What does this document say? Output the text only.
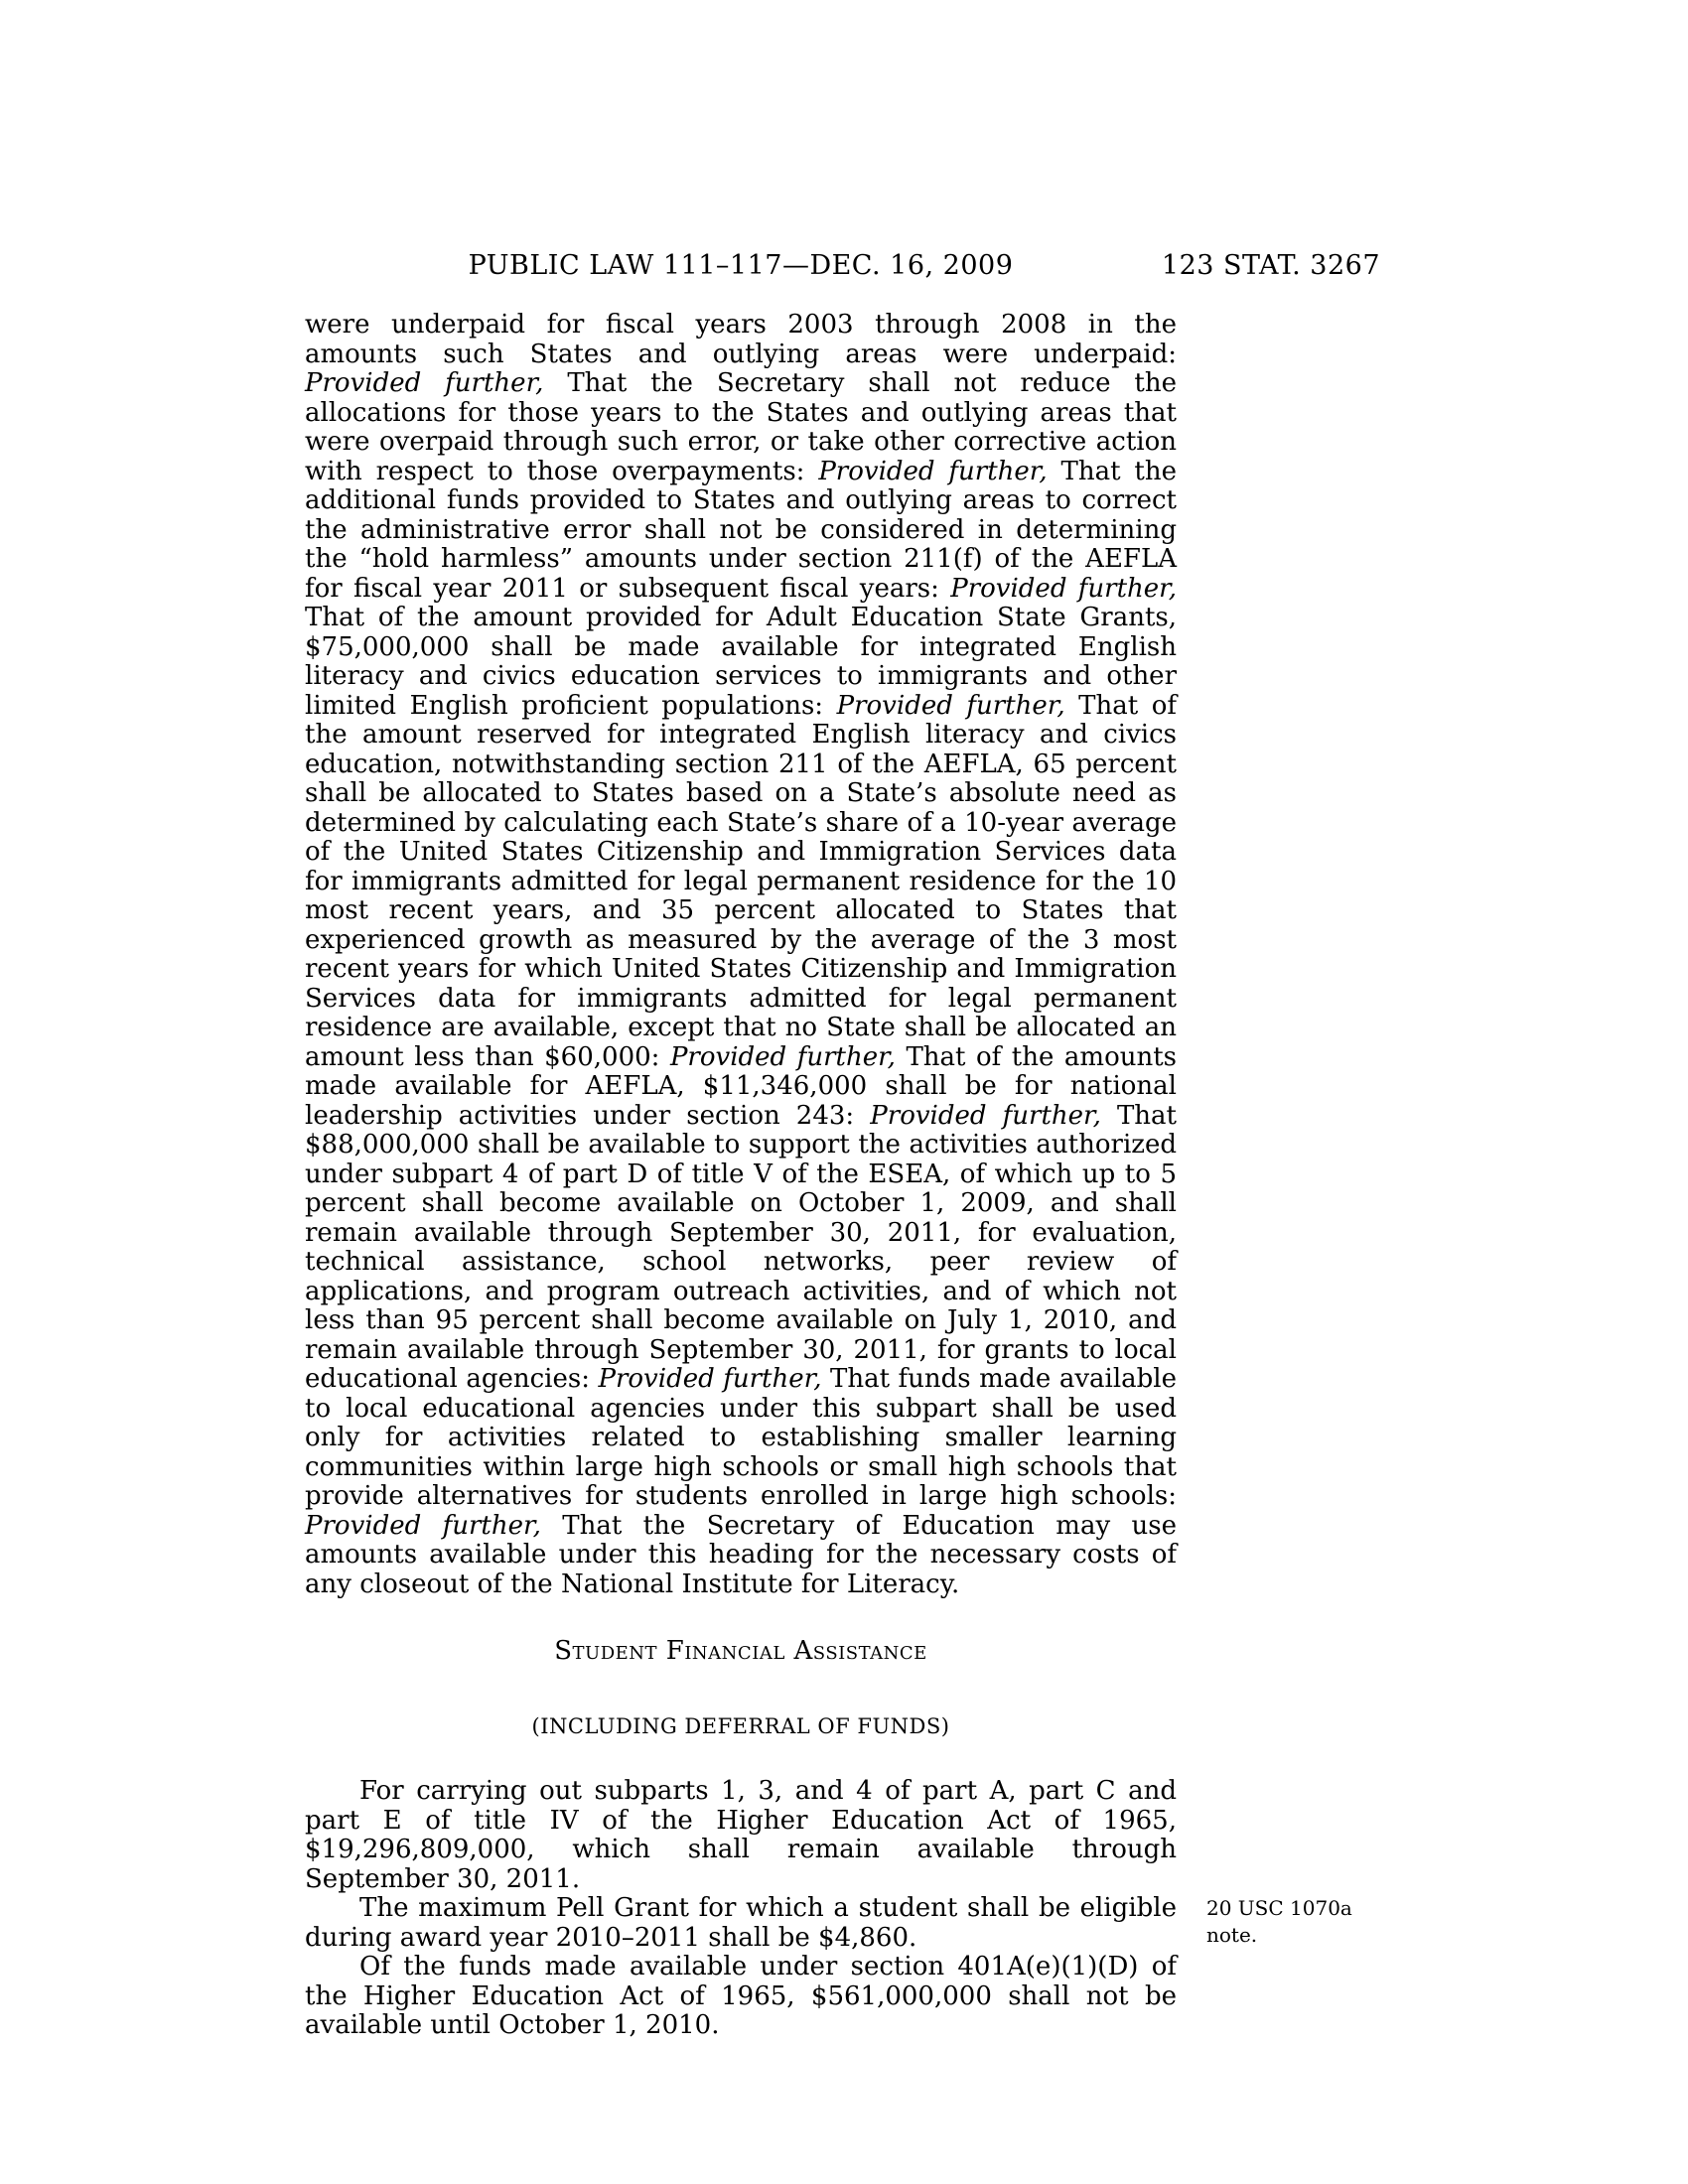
PUBLIC LAW 111–117—DEC. 16, 2009	123 STAT. 3267

were underpaid for fiscal years 2003 through 2008 in the amounts such States and outlying areas were underpaid: Provided further, That the Secretary shall not reduce the allocations for those years to the States and outlying areas that were overpaid through such error, or take other corrective action with respect to those overpayments: Provided further, That the additional funds provided to States and outlying areas to correct the administrative error shall not be considered in determining the “hold harmless” amounts under section 211(f) of the AEFLA for fiscal year 2011 or subsequent fiscal years: Provided further, That of the amount provided for Adult Education State Grants, $75,000,000 shall be made available for integrated English literacy and civics education services to immigrants and other limited English proficient populations: Provided further, That of the amount reserved for integrated English literacy and civics education, notwithstanding section 211 of the AEFLA, 65 percent shall be allocated to States based on a State’s absolute need as determined by calculating each State’s share of a 10-year average of the United States Citizenship and Immigration Services data for immigrants admitted for legal permanent residence for the 10 most recent years, and 35 percent allocated to States that experienced growth as measured by the average of the 3 most recent years for which United States Citizenship and Immigration Services data for immigrants admitted for legal permanent residence are available, except that no State shall be allocated an amount less than $60,000: Provided further, That of the amounts made available for AEFLA, $11,346,000 shall be for national leadership activities under section 243: Provided further, That $88,000,000 shall be available to support the activities authorized under subpart 4 of part D of title V of the ESEA, of which up to 5 percent shall become available on October 1, 2009, and shall remain available through September 30, 2011, for evaluation, technical assistance, school networks, peer review of applications, and program outreach activities, and of which not less than 95 percent shall become available on July 1, 2010, and remain available through September 30, 2011, for grants to local educational agencies: Provided further, That funds made available to local educational agencies under this subpart shall be used only for activities related to establishing smaller learning communities within large high schools or small high schools that provide alternatives for students enrolled in large high schools: Provided further, That the Secretary of Education may use amounts available under this heading for the necessary costs of any closeout of the National Institute for Literacy.

Student Financial Assistance
(INCLUDING DEFERRAL OF FUNDS)

For carrying out subparts 1, 3, and 4 of part A, part C and part E of title IV of the Higher Education Act of 1965, $19,296,809,000, which shall remain available through September 30, 2011.

The maximum Pell Grant for which a student shall be eligible during award year 2010–2011 shall be $4,860.

20 USC 1070a
note.

Of the funds made available under section 401A(e)(1)(D) of the Higher Education Act of 1965, $561,000,000 shall not be available until October 1, 2010.
